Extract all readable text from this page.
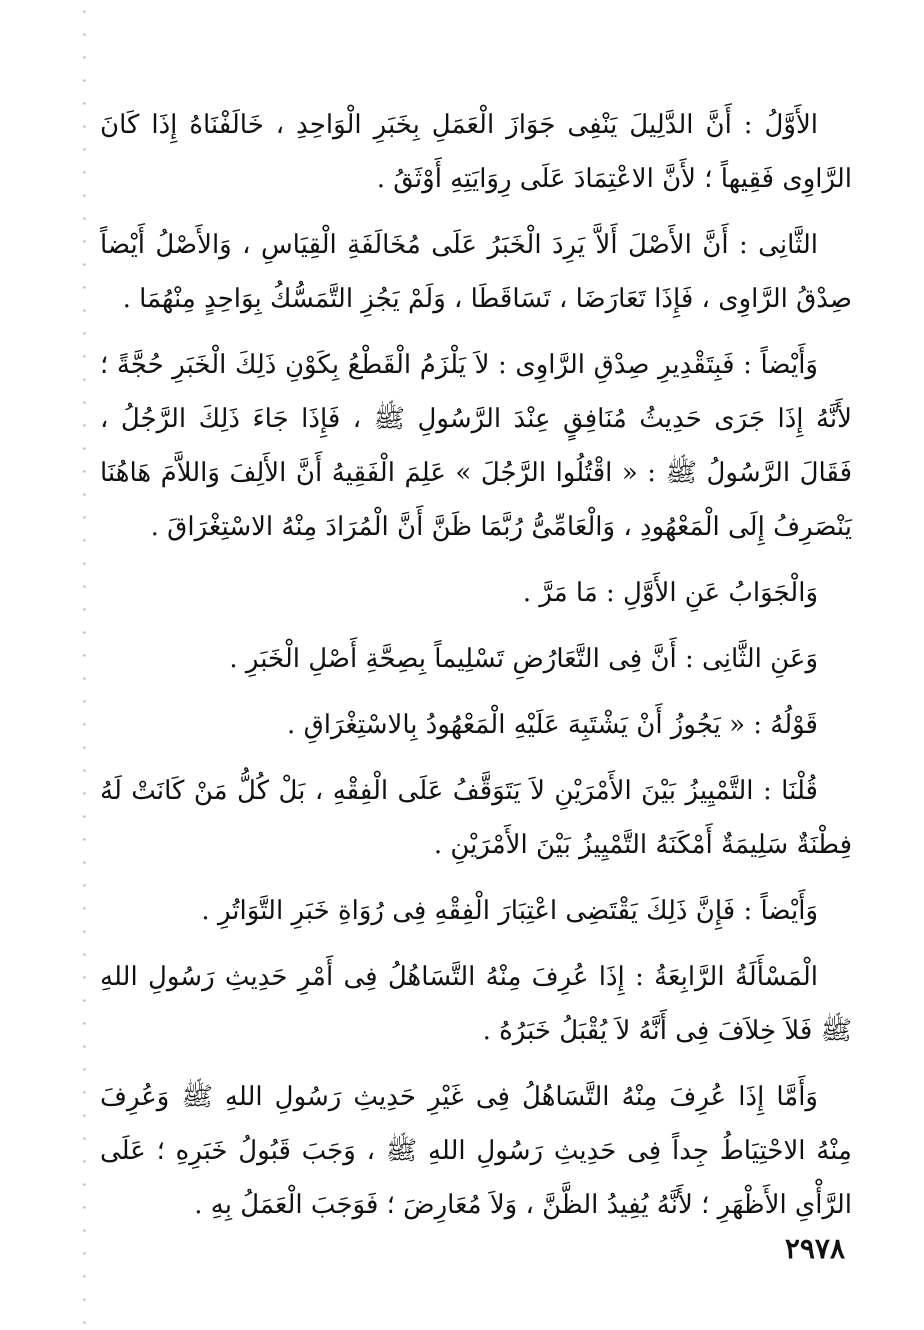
الأَوَّلُ : أَنَّ الدَّلِيلَ يَنْفِى جَوَازَ الْعَمَلِ بِخَبَرِ الْوَاحِدِ ، خَالَفْنَاهُ إِذَا كَانَ الرَّاوِى فَقِيهاً ؛ لأَنَّ الاعْتِمَادَ عَلَى رِوَايَتِهِ أَوْثَقُ .

الثَّانِى : أَنَّ الأَصْلَ أَلاَّ يَرِدَ الْخَبَرُ عَلَى مُخَالَفَةِ الْقِيَاسِ ، وَالأَصْلُ أَيْضاً صِدْقُ الرَّاوِى ، فَإِذَا تَعَارَضَا ، تَسَاقَطَا ، وَلَمْ يَجُزِ التَّمَسُّكُ بِوَاحِدٍ مِنْهُمَا .

وَأَيْضاً : فَبِتَقْدِيرِ صِدْقِ الرَّاوِى : لاَ يَلْزَمُ الْقَطْعُ بِكَوْنِ ذَلِكَ الْخَبَرِ حُجَّةً ؛ لأَنَّهُ إِذَا جَرَى حَدِيثُ مُنَافِقٍ عِنْدَ الرَّسُولِ ﷺ ، فَإِذَا جَاءَ ذَلِكَ الرَّجُلُ ، فَقَالَ الرَّسُولُ ﷺ : « اقْتُلُوا الرَّجُلَ » عَلِمَ الْفَقِيهُ أَنَّ الأَلِفَ وَاللاَّمَ هَاهُنَا يَنْصَرِفُ إِلَى الْمَعْهُودِ ، وَالْعَامِّىُّ رُبَّمَا ظَنَّ أَنَّ الْمُرَادَ مِنْهُ الاسْتِغْرَاقَ .

وَالْجَوَابُ عَنِ الأَوَّلِ : مَا مَرَّ .

وَعَنِ الثَّانِى : أَنَّ فِى التَّعَارُضِ تَسْلِيماً بِصِحَّةِ أَصْلِ الْخَبَرِ .

قَوْلُهُ : « يَجُوزُ أَنْ يَشْتَبِهَ عَلَيْهِ الْمَعْهُودُ بِالاسْتِغْرَاقِ .

قُلْنَا : التَّمْيِيزُ بَيْنَ الأَمْرَيْنِ لاَ يَتَوَقَّفُ عَلَى الْفِقْهِ ، بَلْ كُلُّ مَنْ كَانَتْ لَهُ فِطْنَةٌ سَلِيمَةٌ أَمْكَنَهُ التَّمْيِيزُ بَيْنَ الأَمْرَيْنِ .

وَأَيْضاً : فَإِنَّ ذَلِكَ يَقْتَضِى اعْتِبَارَ الْفِقْهِ فِى رُوَاةِ خَبَرِ التَّوَاتُرِ .

الْمَسْأَلَةُ الرَّابِعَةُ : إِذَا عُرِفَ مِنْهُ التَّسَاهُلُ فِى أَمْرِ حَدِيثِ رَسُولِ اللهِ ﷺ فَلاَ خِلاَفَ فِى أَنَّهُ لاَ يُقْبَلُ خَبَرُهُ .

وَأَمَّا إِذَا عُرِفَ مِنْهُ التَّسَاهُلُ فِى غَيْرِ حَدِيثِ رَسُولِ اللهِ ﷺ وَعُرِفَ مِنْهُ الاحْتِيَاطُ جِداً فِى حَدِيثِ رَسُولِ اللهِ ﷺ ، وَجَبَ قَبُولُ خَبَرِهِ ؛ عَلَى الرَّأْىِ الأَظْهَرِ ؛ لأَنَّهُ يُفِيدُ الظَّنَّ ، وَلاَ مُعَارِضَ ؛ فَوَجَبَ الْعَمَلُ بِهِ .

٢٩٧٨
